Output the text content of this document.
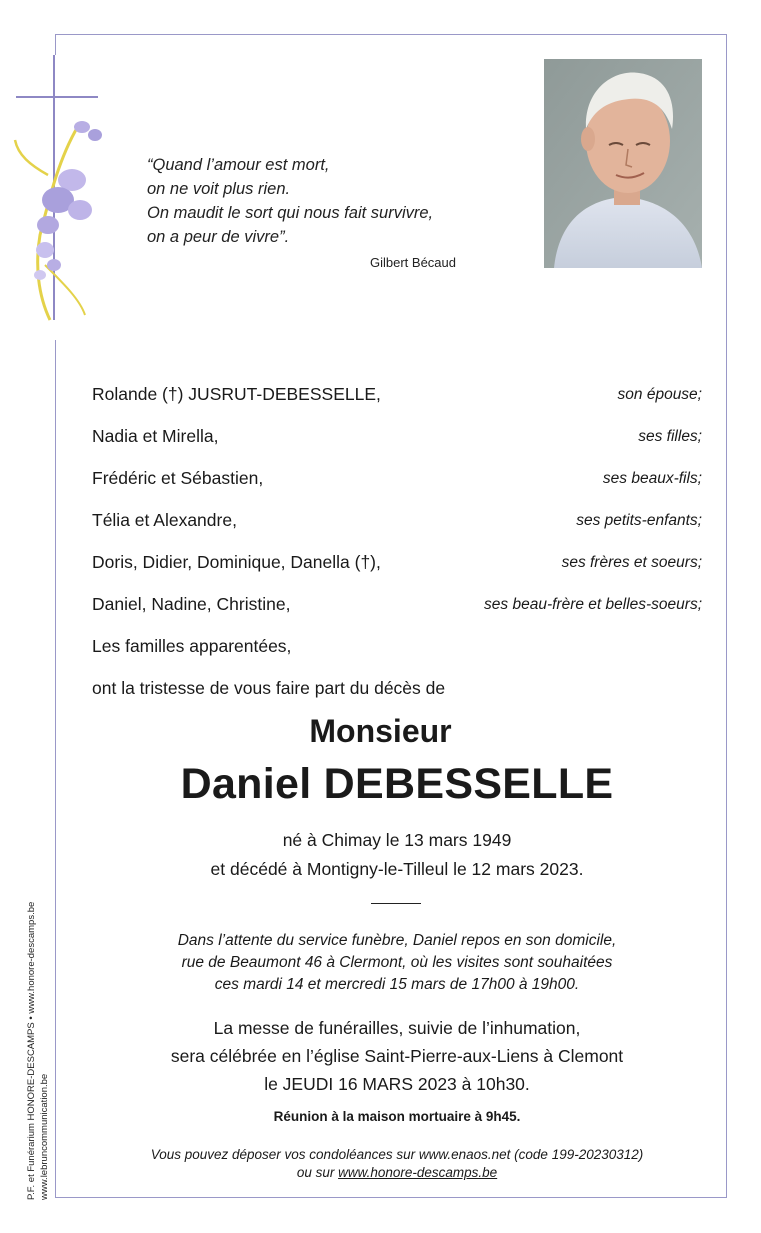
“Quand l’amour est mort,
on ne voit plus rien.
On maudit le sort qui nous fait survivre,
on a peur de vivre”.
Gilbert Bécaud
Rolande (†) JUSRUT-DEBESSELLE,	son épouse;
Nadia et Mirella,	ses filles;
Frédéric et Sébastien,	ses beaux-fils;
Télia et Alexandre,	ses petits-enfants;
Doris, Didier, Dominique, Danella (†),	ses frères et soeurs;
Daniel, Nadine, Christine,	ses beau-frère et belles-soeurs;
Les familles apparentées,
ont la tristesse de vous faire part du décès de
Monsieur
Daniel DEBESSELLE
né à Chimay le 13 mars 1949
et décédé à Montigny-le-Tilleul le 12 mars 2023.
Dans l’attente du service funèbre, Daniel repos en son domicile,
rue de Beaumont 46 à Clermont, où les visites sont souhaitées
ces mardi 14 et mercredi 15 mars de 17h00 à 19h00.
La messe de funérailles, suivie de l’inhumation,
sera célébrée en l’église Saint-Pierre-aux-Liens à Clemont
le JEUDI 16 MARS 2023 à 10h30.
Réunion à la maison mortuaire à 9h45.
Vous pouvez déposer vos condoléances sur www.enaos.net (code 199-20230312)
ou sur www.honore-descamps.be
P.F. et Funérarium HONORE-DESCAMPS • www.honore-descamps.be www.lebruncommunication.be
